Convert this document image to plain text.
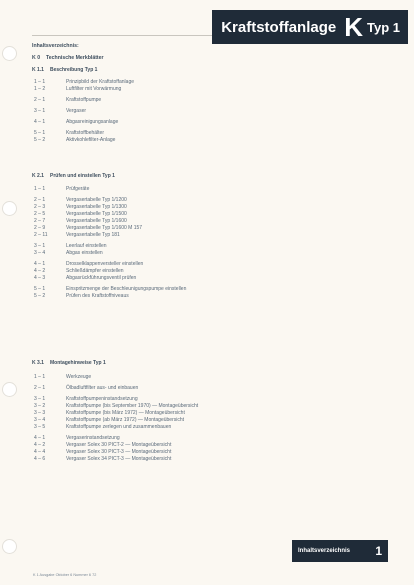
Kraftstoffanlage K Typ 1
Inhaltsverzeichnis:
K 0	Technische Merkblätter
K 1.1	Beschreibung Typ 1
1 – 1	Prinzipbild der Kraftstoffanlage
1 – 2	Luftfilter mit Vorwärmung
2 – 1	Kraftstoffpumpe
3 – 1	Vergaser
4 – 1	Abgasreinigungsanlage
5 – 1	Kraftstoffbehälter
5 – 2	Aktivkohlefilter-Anlage
K 2.1	Prüfen und einstellen Typ 1
1 – 1	Prüfgeräte
2 – 1	Vergasertabelle Typ 1/1200
2 – 3	Vergasertabelle Typ 1/1300
2 – 5	Vergasertabelle Typ 1/1500
2 – 7	Vergasertabelle Typ 1/1600
2 – 9	Vergasertabelle Typ 1/1600 M 157
2 – 11	Vergasertabelle Typ 181
3 – 1	Leerlauf einstellen
3 – 4	Abgas einstellen
4 – 1	Drosselklappenversteller einstellen
4 – 2	Schließdämpfer einstellen
4 – 3	Abgasrückführungsventil prüfen
5 – 1	Einspritzmenge der Beschleunigungspumpe einstellen
5 – 2	Prüfen des Kraftstoffniveaus
K 3.1	Montagehinweise Typ 1
1 – 1	Werkzeuge
2 – 1	Ölbadluftfilter aus- und einbauen
3 – 1	Kraftstoffpumpeninstandsetzung
3 – 2	Kraftstoffpumpe (bis September 1970) — Montageübersicht
3 – 3	Kraftstoffpumpe (bis März 1972) — Montageübersicht
3 – 4	Kraftstoffpumpe (ab März 1972) — Montageübersicht
3 – 5	Kraftstoffpumpe zerlegen und zusammenbauen
4 – 1	Vergaserinstandsetzung
4 – 2	Vergaser Solex 30 PICT-2 — Montageübersicht
4 – 4	Vergaser Solex 30 PICT-3 — Montageübersicht
4 – 6	Vergaser Solex 34 PICT-3 — Montageübersicht
K 1 Ausgabe Oktober 6 Nummer 6 72
Inhaltsverzeichnis 1
